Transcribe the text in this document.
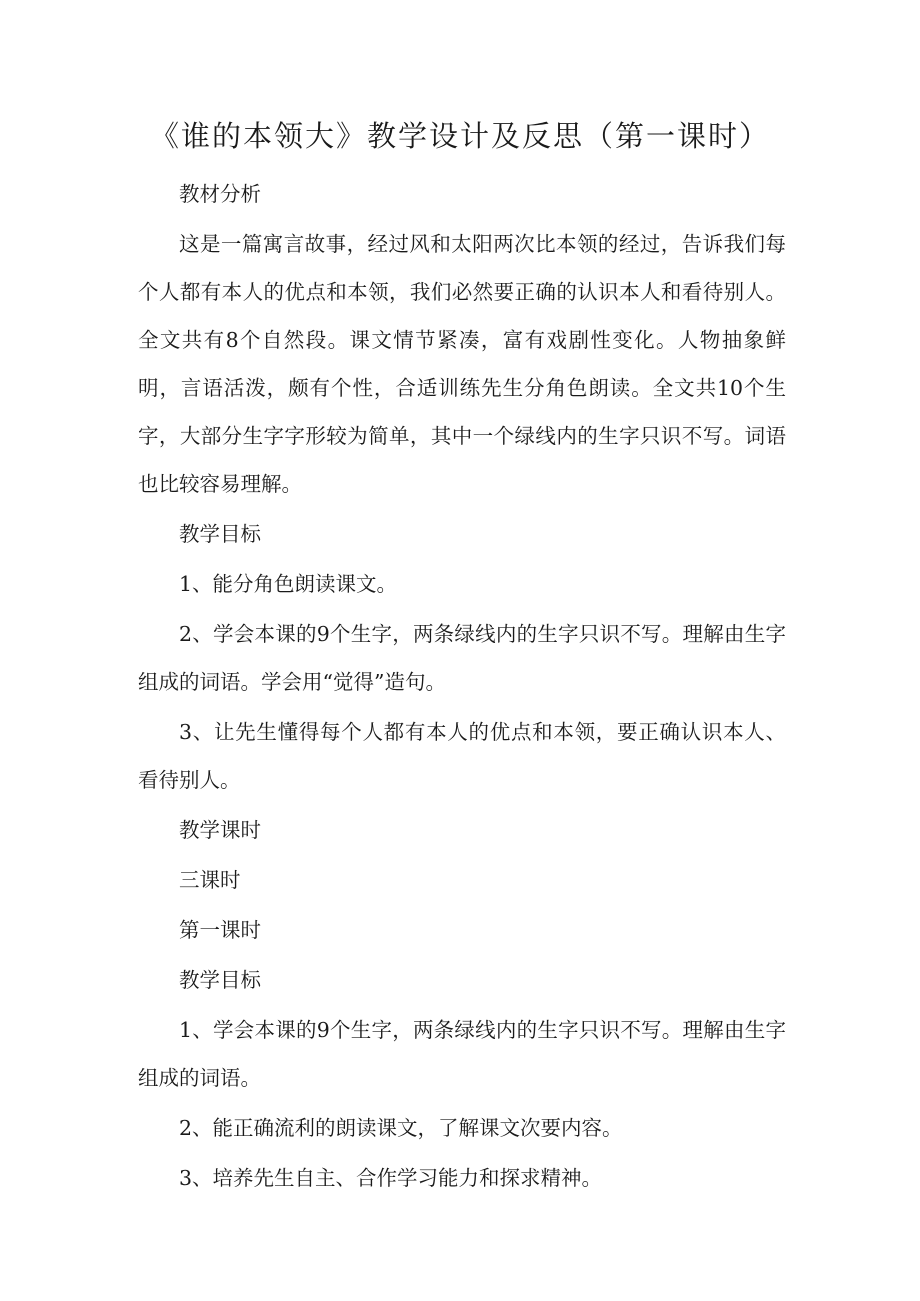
《谁的本领大》教学设计及反思（第一课时）

教材分析

这是一篇寓言故事，经过风和太阳两次比本领的经过，告诉我们每个人都有本人的优点和本领，我们必然要正确的认识本人和看待别人。全文共有8个自然段。课文情节紧凑，富有戏剧性变化。人物抽象鲜明，言语活泼，颇有个性，合适训练先生分角色朗读。全文共10个生字，大部分生字字形较为简单，其中一个绿线内的生字只识不写。词语也比较容易理解。

教学目标

1、能分角色朗读课文。

2、学会本课的9个生字，两条绿线内的生字只识不写。理解由生字组成的词语。学会用“觉得”造句。

3、让先生懂得每个人都有本人的优点和本领，要正确认识本人、看待别人。

教学课时

三课时

第一课时

教学目标

1、学会本课的9个生字，两条绿线内的生字只识不写。理解由生字组成的词语。

2、能正确流利的朗读课文，了解课文次要内容。

3、培养先生自主、合作学习能力和探求精神。
